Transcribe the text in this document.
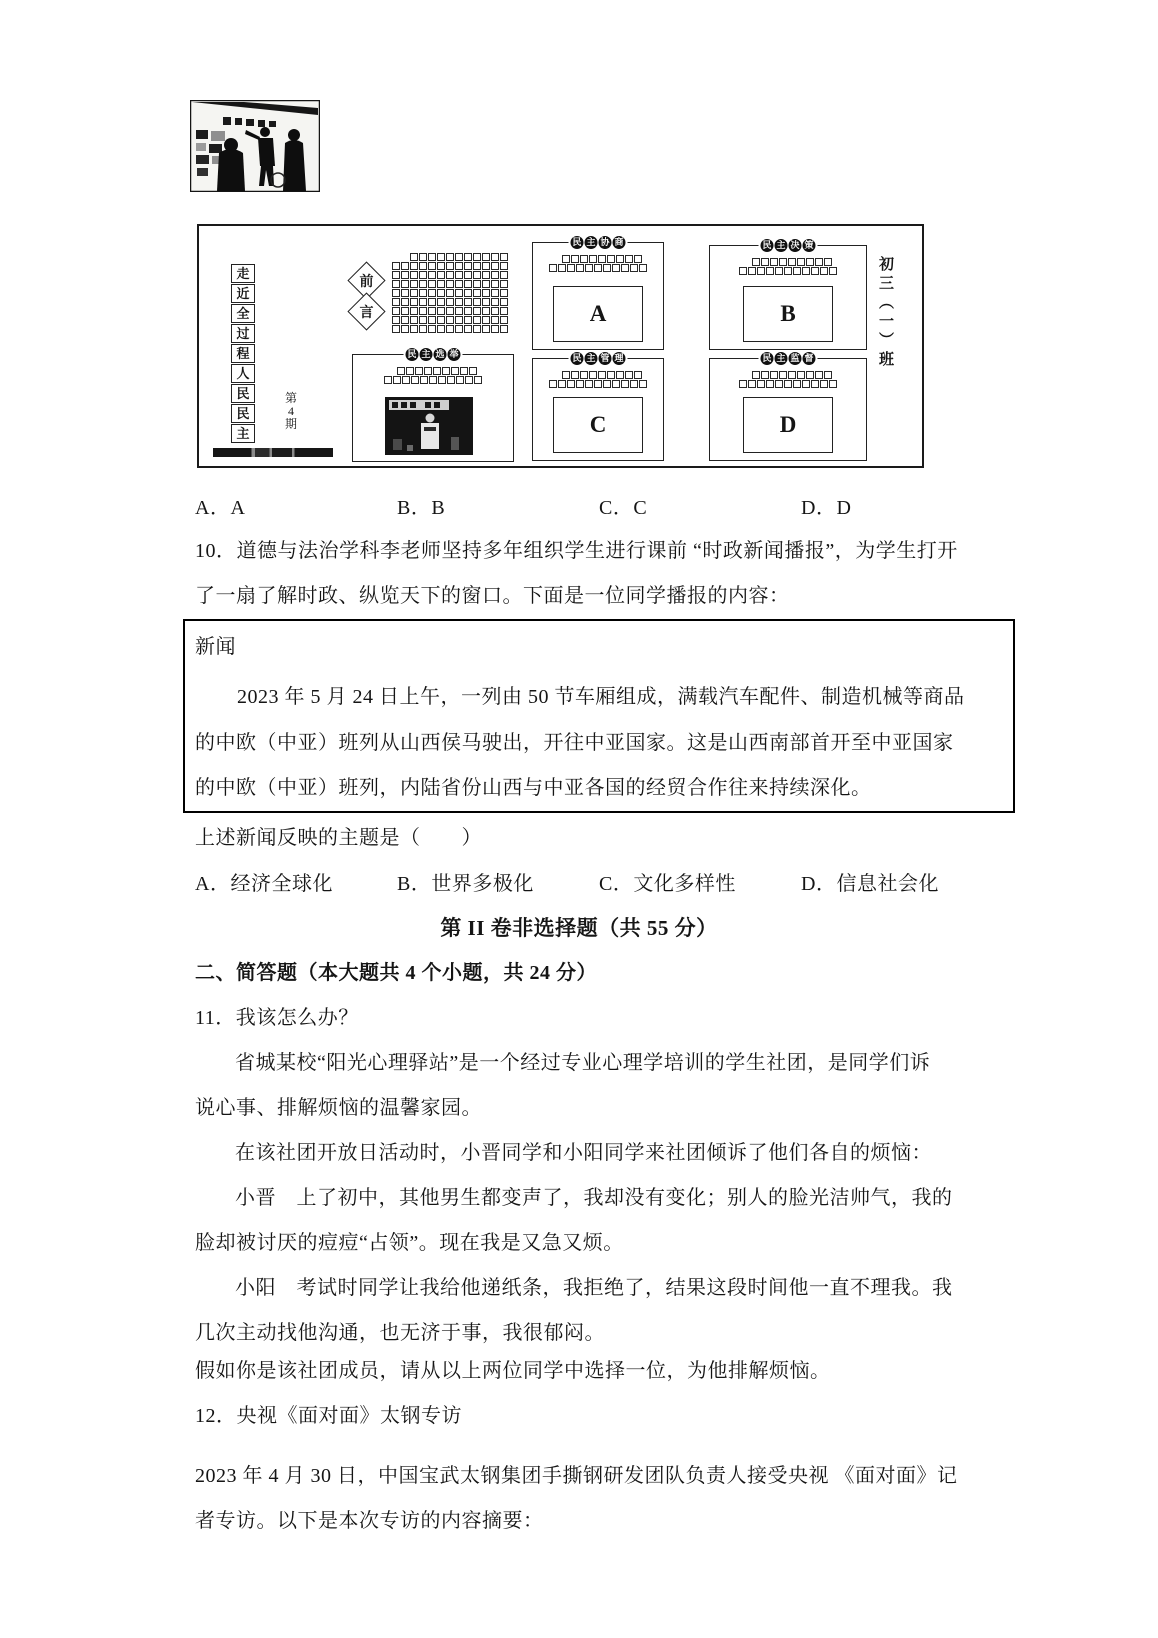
走
近
全
过
程
人
民
民
主
第
4
期
前
言
民 主 选 举
民 主 协 商
A
民 主 决 策
B
民 主 管 理
C
民 主 监 督
D
初三（一）班

A．A

	B．B

	C．C

	D．D

10．道德与法治学科李老师坚持多年组织学生进行课前 “时政新闻播报”，为学生打开
了一扇了解时政、纵览天下的窗口。下面是一位同学播报的内容：
新闻
2023 年 5 月 24 日上午，一列由 50 节车厢组成，满载汽车配件、制造机械等商品
的中欧（中亚）班列从山西侯马驶出，开往中亚国家。这是山西南部首开至中亚国家
的中欧（中亚）班列，内陆省份山西与中亚各国的经贸合作往来持续深化。
上述新闻反映的主题是（　　）

A．经济全球化

	B．世界多极化

	C．文化多样性

	D．信息社会化

第 II 卷非选择题（共 55 分）
二、简答题（本大题共 4 个小题，共 24 分）
11．我该怎么办？
省城某校“阳光心理驿站”是一个经过专业心理学培训的学生社团，是同学们诉
说心事、排解烦恼的温馨家园。
在该社团开放日活动时，小晋同学和小阳同学来社团倾诉了他们各自的烦恼：
小晋　上了初中，其他男生都变声了，我却没有变化；别人的脸光洁帅气，我的
脸却被讨厌的痘痘“占领”。现在我是又急又烦。
小阳　考试时同学让我给他递纸条，我拒绝了，结果这段时间他一直不理我。我
几次主动找他沟通，也无济于事，我很郁闷。
假如你是该社团成员，请从以上两位同学中选择一位，为他排解烦恼。
12．央视《面对面》太钢专访
2023 年 4 月 30 日，中国宝武太钢集团手撕钢研发团队负责人接受央视 《面对面》记
者专访。以下是本次专访的内容摘要：
